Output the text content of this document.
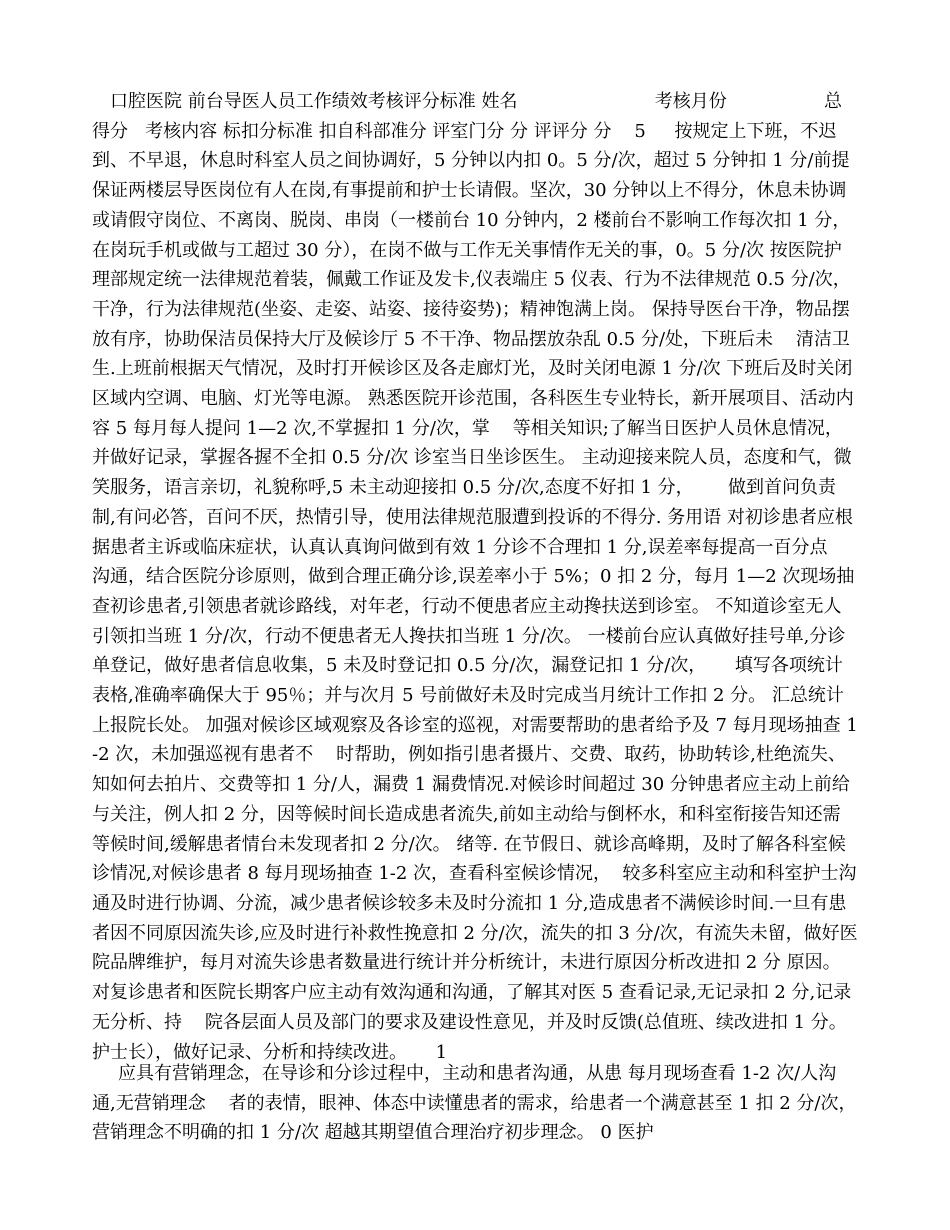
口腔医院 前台导医人员工作绩效考核评分标准 姓名                        考核月份                 总得分   考核内容 标扣分标准 扣自科部准分 评室门分 分 评评分 分    5     按规定上下班，不迟到、不早退，休息时科室人员之间协调好，5 分钟以内扣 0。5 分/次，超过 5 分钟扣 1 分/前提保证两楼层导医岗位有人在岗,有事提前和护士长请假。坚次，30 分钟以上不得分，休息未协调或请假守岗位、不离岗、脱岗、串岗（一楼前台 10 分钟内，2 楼前台不影响工作每次扣 1 分，在岗玩手机或做与工超过 30 分），在岗不做与工作无关事情作无关的事，0。5 分/次 按医院护理部规定统一法律规范着装，佩戴工作证及发卡,仪表端庄 5 仪表、行为不法律规范 0.5 分/次，       干净，行为法律规范(坐姿、走姿、站姿、接待姿势)；精神饱满上岗。 保持导医台干净，物品摆放有序，协助保洁员保持大厅及候诊厅 5 不干净、物品摆放杂乱 0.5 分/处，下班后未    清洁卫生.上班前根据天气情况，及时打开候诊区及各走廊灯光，及时关闭电源 1 分/次 下班后及时关闭区域内空调、电脑、灯光等电源。 熟悉医院开诊范围，各科医生专业特长，新开展项目、活动内容 5 每月每人提问 1—2 次,不掌握扣 1 分/次，掌    等相关知识;了解当日医护人员休息情况，并做好记录，掌握各握不全扣 0.5 分/次 诊室当日坐诊医生。 主动迎接来院人员，态度和气，微笑服务，语言亲切，礼貌称呼,5 未主动迎接扣 0.5 分/次,态度不好扣 1 分，      做到首问负责制,有问必答，百问不厌，热情引导，使用法律规范服遭到投诉的不得分. 务用语 对初诊患者应根据患者主诉或临床症状，认真认真询问做到有效 1 分诊不合理扣 1 分,误差率每提高一百分点    沟通，结合医院分诊原则，做到合理正确分诊,误差率小于 5%；0 扣 2 分，每月 1—2 次现场抽查初诊患者,引领患者就诊路线，对年老，行动不便患者应主动搀扶送到诊室。 不知道诊室无人引领扣当班 1 分/次，行动不便患者无人搀扶扣当班 1 分/次。 一楼前台应认真做好挂号单,分诊单登记，做好患者信息收集，5 未及时登记扣 0.5 分/次，漏登记扣 1 分/次，     填写各项统计表格,准确率确保大于 95％；并与次月 5 号前做好未及时完成当月统计工作扣 2 分。 汇总统计上报院长处。 加强对候诊区域观察及各诊室的巡视，对需要帮助的患者给予及 7 每月现场抽查 1-2 次，未加强巡视有患者不    时帮助，例如指引患者摄片、交费、取药，协助转诊,杜绝流失、知如何去拍片、交费等扣 1 分/人，漏费 1 漏费情况.对候诊时间超过 30 分钟患者应主动上前给与关注，例人扣 2 分，因等候时间长造成患者流失,前如主动给与倒杯水，和科室衔接告知还需等候时间,缓解患者情台未发现者扣 2 分/次。 绪等. 在节假日、就诊高峰期，及时了解各科室候诊情况,对候诊患者 8 每月现场抽查 1-2 次，查看科室候诊情况，  较多科室应主动和科室护士沟通及时进行协调、分流，减少患者候诊较多未及时分流扣 1 分,造成患者不满候诊时间.一旦有患者因不同原因流失诊,应及时进行补救性挽意扣 2 分/次，流失的扣 3 分/次，有流失未留，做好医院品牌维护，每月对流失诊患者数量进行统计并分析统计，未进行原因分析改进扣 2 分 原因。 对复诊患者和医院长期客户应主动有效沟通和沟通，了解其对医 5 查看记录,无记录扣 2 分,记录无分析、持    院各层面人员及部门的要求及建设性意见，并及时反馈(总值班、续改进扣 1 分。 护士长），做好记录、分析和持续改进。     1

应具有营销理念，在导诊和分诊过程中，主动和患者沟通，从患 每月现场查看 1-2 次/人沟通,无营销理念    者的表情，眼神、体态中读懂患者的需求，给患者一个满意甚至 1 扣 2 分/次，营销理念不明确的扣 1 分/次 超越其期望值合理治疗初步理念。 0 医护
